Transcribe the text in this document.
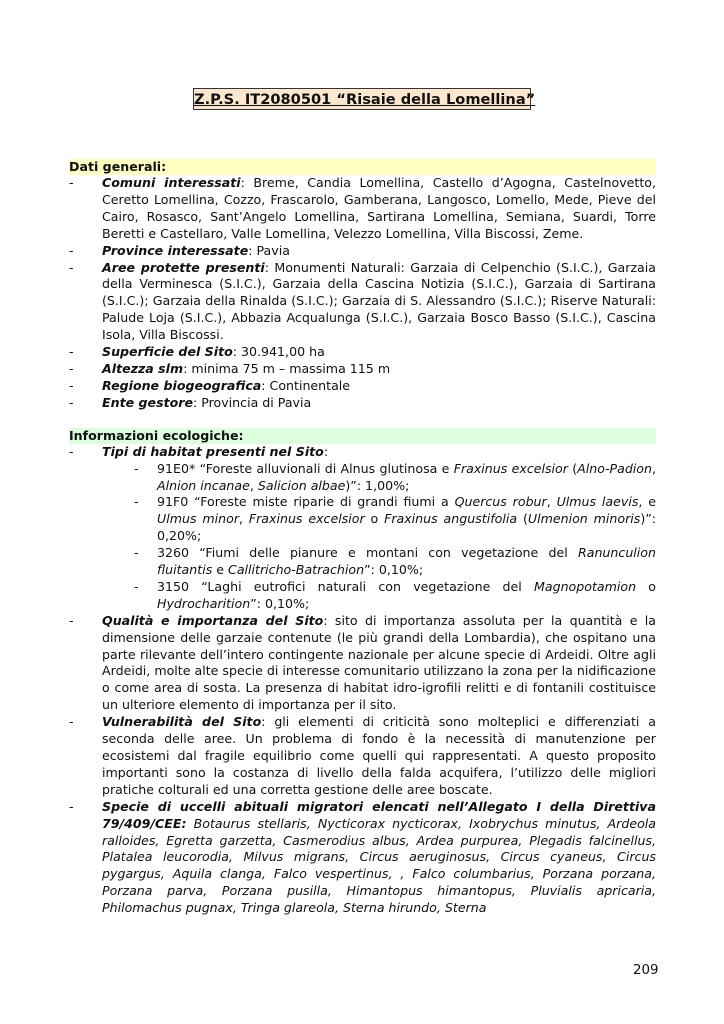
Z.P.S. IT2080501 “Risaie della Lomellina”
Dati generali:
- Comuni interessati: Breme, Candia Lomellina, Castello d’Agogna, Castelnovetto, Ceretto Lomellina, Cozzo, Frascarolo, Gamberana, Langosco, Lomello, Mede, Pieve del Cairo, Rosasco, Sant’Angelo Lomellina, Sartirana Lomellina, Semiana, Suardi, Torre Beretti e Castellaro, Valle Lomellina, Velezzo Lomellina, Villa Biscossi, Zeme.
- Province interessate: Pavia
- Aree protette presenti: Monumenti Naturali: Garzaia di Celpenchio (S.I.C.), Garzaia della Verminesca (S.I.C.), Garzaia della Cascina Notizia (S.I.C.), Garzaia di Sartirana (S.I.C.); Garzaia della Rinalda (S.I.C.); Garzaia di S. Alessandro (S.I.C.); Riserve Naturali: Palude Loja (S.I.C.), Abbazia Acqualunga (S.I.C.), Garzaia Bosco Basso (S.I.C.), Cascina Isola, Villa Biscossi.
- Superficie del Sito: 30.941,00 ha
- Altezza slm: minima 75 m – massima 115 m
- Regione biogeografica: Continentale
- Ente gestore: Provincia di Pavia
Informazioni ecologiche:
- Tipi di habitat presenti nel Sito:
- 91E0* “Foreste alluvionali di Alnus glutinosa e Fraxinus excelsior (Alno-Padion, Alnion incanae, Salicion albae)”: 1,00%;
- 91F0 “Foreste miste riparie di grandi fiumi a Quercus robur, Ulmus laevis, e Ulmus minor, Fraxinus excelsior o Fraxinus angustifolia (Ulmenion minoris)”: 0,20%;
- 3260 “Fiumi delle pianure e montani con vegetazione del Ranunculion fluitantis e Callitricho-Batrachion”: 0,10%;
- 3150 “Laghi eutrofici naturali con vegetazione del Magnopotamion o Hydrocharition”: 0,10%;
- Qualità e importanza del Sito: sito di importanza assoluta per la quantità e la dimensione delle garzaie contenute (le più grandi della Lombardia), che ospitano una parte rilevante dell’intero contingente nazionale per alcune specie di Ardeidi. Oltre agli Ardeidi, molte alte specie di interesse comunitario utilizzano la zona per la nidificazione o come area di sosta. La presenza di habitat idro-igrofili relitti e di fontanili costituisce un ulteriore elemento di importanza per il sito.
- Vulnerabilità del Sito: gli elementi di criticità sono molteplici e differenziati a seconda delle aree. Un problema di fondo è la necessità di manutenzione per ecosistemi dal fragile equilibrio come quelli qui rappresentati. A questo proposito importanti sono la costanza di livello della falda acquifera, l’utilizzo delle migliori pratiche colturali ed una corretta gestione delle aree boscate.
- Specie di uccelli abituali migratori elencati nell’Allegato I della Direttiva 79/409/CEE: Botaurus stellaris, Nycticorax nycticorax, Ixobrychus minutus, Ardeola ralloides, Egretta garzetta, Casmerodius albus, Ardea purpurea, Plegadis falcinellus, Platalea leucorodia, Milvus migrans, Circus aeruginosus, Circus cyaneus, Circus pygargus, Aquila clanga, Falco vespertinus, , Falco columbarius, Porzana porzana, Porzana parva, Porzana pusilla, Himantopus himantopus, Pluvialis apricaria, Philomachus pugnax, Tringa glareola, Sterna hirundo, Sterna
209
